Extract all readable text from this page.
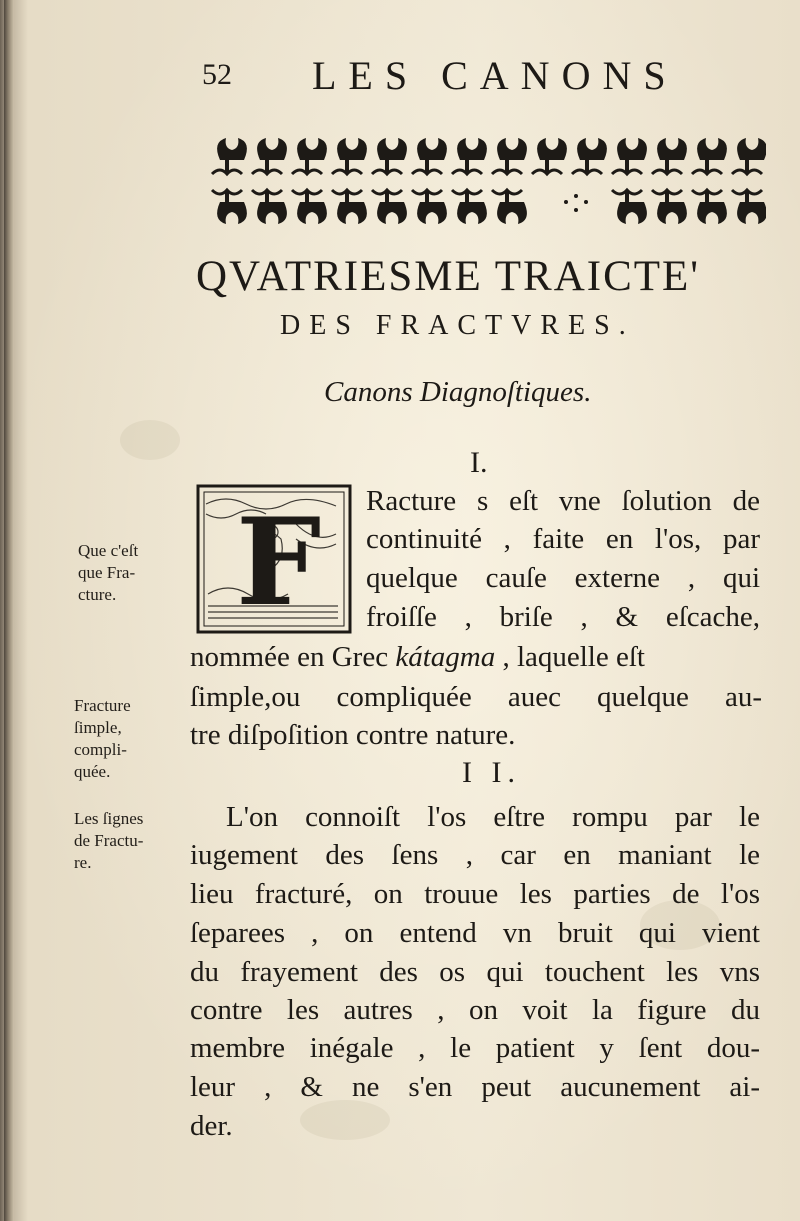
52 LES CANONS
QVATRIESME TRAICTE'
DES FRACTVRES.
Canons Diagnoſtiques.
I.
F Racture s eſt vne ſolution de
continuité , faite en l'os, par
quelque cauſe externe , qui
froiſſe , briſe , & eſcache,
nommée en Grec kátagma , laquelle eſt
ſimple,ou compliquée auec quelque au-
tre diſpoſition contre nature.
I I.
L'on connoiſt l'os eſtre rompu par le
iugement des ſens , car en maniant le
lieu fracturé, on trouue les parties de l'os
ſeparees , on entend vn bruit qui vient
du frayement des os qui touchent les vns
contre les autres , on voit la figure du
membre inégale , le patient y ſent dou-
leur , & ne s'en peut aucunement ai-
der.
Que c'eſt
que Fra-
cture.
Fracture
ſimple,
compli-
quée.
Les ſignes
de Fractu-
re.
